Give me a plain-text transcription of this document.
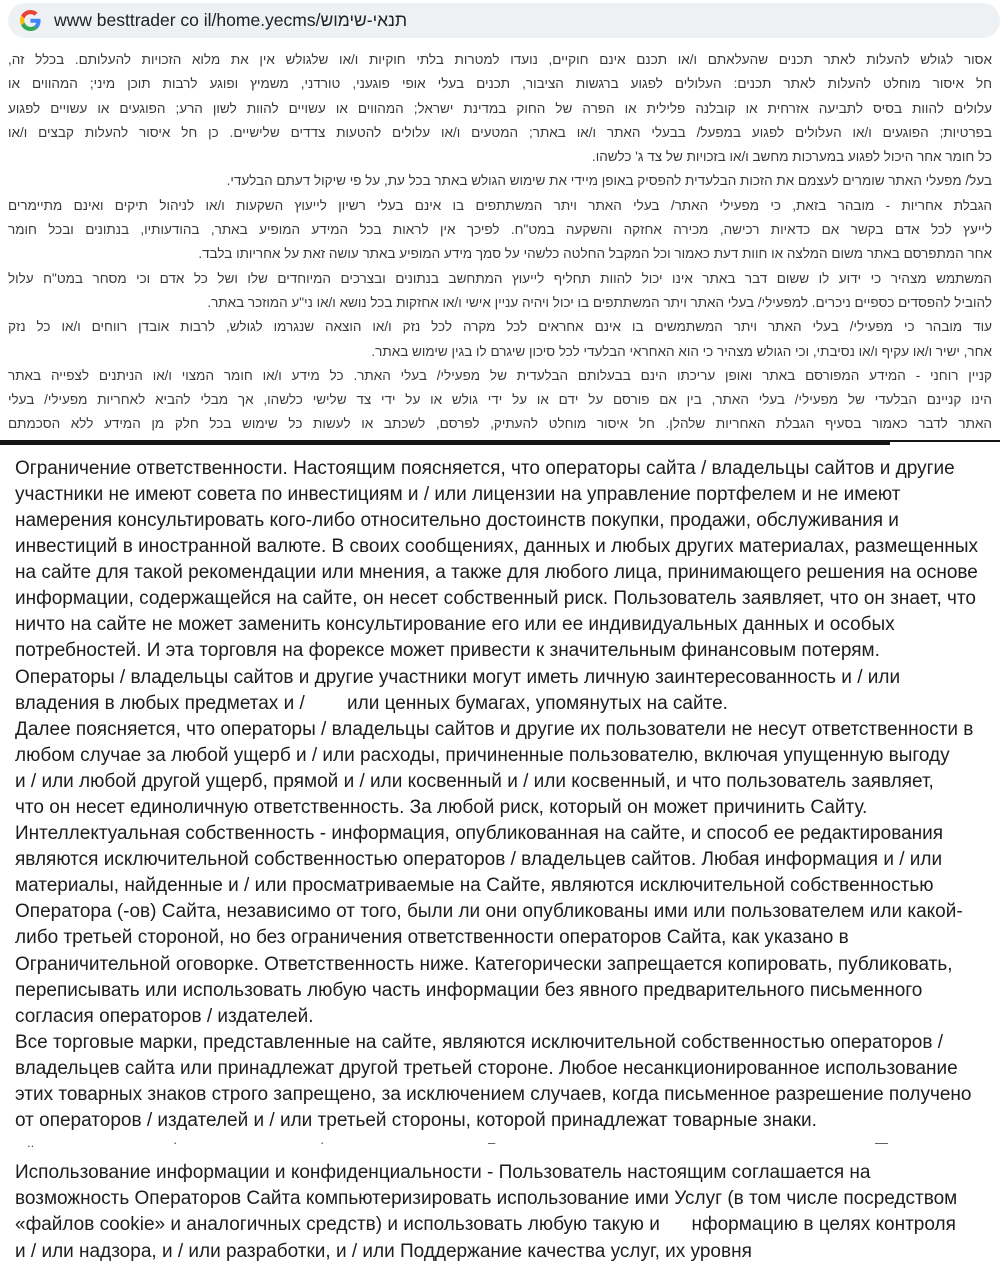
www besttrader co il/home.yecms/תנאי-שימוש
אסור לגולש להעלות לאתר תכנים שהעלאתם ו/או תכנם אינם חוקיים, נועדו למטרות בלתי חוקיות ו/או שלגולש אין את מלוא הזכויות להעלותם. בכלל זה,
חל איסור מוחלט להעלות לאתר תכנים: העלולים לפגוע ברגשות הציבור, תכנים בעלי אופי פוגעני, טורדני, משמיץ ופוגע לרבות תוכן מיני; המהווים או
עלולים להוות בסיס לתביעה אזרחית או קובלנה פלילית או הפרה של החוק במדינת ישראל; המהווים או עשויים להוות לשון הרע; הפוגעים או עשויים לפגוע
בפרטיות; הפוגעים ו/או העלולים לפגוע במפעל/ בבעלי האתר ו/או באתר; המטעים ו/או עלולים להטעות צדדים שלישיים. כן חל איסור להעלות קבצים ו/או
כל חומר אחר היכול לפגוע במערכות מחשב ו/או בזכויות של צד ג' כלשהו.
בעל/ מפעלי האתר שומרים לעצמם את הזכות הבלעדית להפסיק באופן מיידי את שימוש הגולש באתר בכל עת, על פי שיקול דעתם הבלעדי.
הגבלת אחריות - מובהר בזאת, כי מפעילי האתר/ בעלי האתר ויתר המשתתפים בו אינם בעלי רשיון לייעוץ השקעות ו/או לניהול תיקים ואינם מתיימרים
לייעץ לכל אדם בקשר אם כדאיות רכישה, מכירה אחזקה והשקעה במט"ח. לפיכך אין לראות בכל המידע המופיע באתר, בהודעותיו, בנתונים ובכל חומר
אחר המתפרסם באתר משום המלצה או חוות דעת כאמור וכל המקבל החלטה כלשהי על סמך מידע המופיע באתר עושה זאת על אחריותו בלבד.
המשתמש מצהיר כי ידוע לו ששום דבר באתר אינו יכול להוות תחליף לייעוץ המתחשב בנתונים ובצרכים המיוחדים שלו ושל כל אדם וכי מסחר במט"ח עלול
להוביל להפסדים כספיים ניכרים. למפעילי/ בעלי האתר ויתר המשתתפים בו יכול ויהיה עניין אישי ו/או אחזקות בכל נושא ו/או ני"ע המוזכר באתר.
עוד מובהר כי מפעילי/ בעלי האתר ויתר המשתמשים בו אינם אחראים לכל מקרה לכל נזק ו/או הוצאה שנגרמו לגולש, לרבות אובדן רווחים ו/או כל נזק
אחר, ישיר ו/או עקיף ו/או נסיבתי, וכי הגולש מצהיר כי הוא האחראי הבלעדי לכל סיכון שיגרם לו בגין שימוש באתר.
קניין רוחני - המידע המפורסם באתר ואופן עריכתו הינם בבעלותם הבלעדית של מפעילי/ בעלי האתר. כל מידע ו/או חומר המצוי ו/או הניתנים לצפייה באתר
הינו קניינם הבלעדי של מפעילי/ בעלי האתר, בין אם פורסם על ידם או על ידי גולש או על ידי צד שלישי כלשהו, אך מבלי להביא לאחריות מפעילי/ בעלי
האתר לדבר כאמור בסעיף הגבלת האחריות שלהלן. חל איסור מוחלט להעתיק, לפרסם, לשכתב או לעשות כל שימוש בכל חלק מן המידע ללא הסכמתם
Ограничение ответственности. Настоящим поясняется, что операторы сайта / владельцы сайтов и другие
участники не имеют совета по инвестициям и / или лицензии на управление портфелем и не имеют
намерения консультировать кого-либо относительно достоинств покупки, продажи, обслуживания и
инвестиций в иностранной валюте. В своих сообщениях, данных и любых других материалах, размещенных
на сайте для такой рекомендации или мнения, а также для любого лица, принимающего решения на основе
информации, содержащейся на сайте, он несет собственный риск. Пользователь заявляет, что он знает, что
ничто на сайте не может заменить консультирование его или ее индивидуальных данных и особых
потребностей. И эта торговля на форексе может привести к значительным финансовым потерям.
Операторы / владельцы сайтов и другие участники могут иметь личную заинтересованность и / или
владения в любых предметах и /        или ценных бумагах, упомянутых на сайте.
Далее поясняется, что операторы / владельцы сайтов и другие их пользователи не несут ответственности в
любом случае за любой ущерб и / или расходы, причиненные пользователю, включая упущенную выгоду
и / или любой другой ущерб, прямой и / или косвенный и / или косвенный, и что пользователь заявляет,
что он несет единоличную ответственность. За любой риск, который он может причинить Сайту.
Интеллектуальная собственность - информация, опубликованная на сайте, и способ ее редактирования
являются исключительной собственностью операторов / владельцев сайтов. Любая информация и / или
материалы, найденные и / или просматриваемые на Сайте, являются исключительной собственностью
Оператора (-ов) Сайта, независимо от того, были ли они опубликованы ими или пользователем или какой-
либо третьей стороной, но без ограничения ответственности операторов Сайта, как указано в
Ограничительной оговорке. Ответственность ниже. Категорически запрещается копировать, публиковать,
переписывать или использовать любую часть информации без явного предварительного письменного
согласия операторов / издателей.
Все торговые марки, представленные на сайте, являются исключительной собственностью операторов /
владельцев сайта или принадлежат другой третьей стороне. Любое несанкционированное использование
этих товарных знаков строго запрещено, за исключением случаев, когда письменное разрешение получено
от операторов / издателей и / или третьей стороны, которой принадлежат товарные знаки.
..	·	·	–	—
Использование информации и конфиденциальности - Пользователь настоящим соглашается на
возможность Операторов Сайта компьютеризировать использование ими Услуг (в том числе посредством
«файлов cookie» и аналогичных средств) и использовать любую такую и      нформацию в целях контроля
и / или надзора, и / или разработки, и / или Поддержание качества услуг, их уровня
